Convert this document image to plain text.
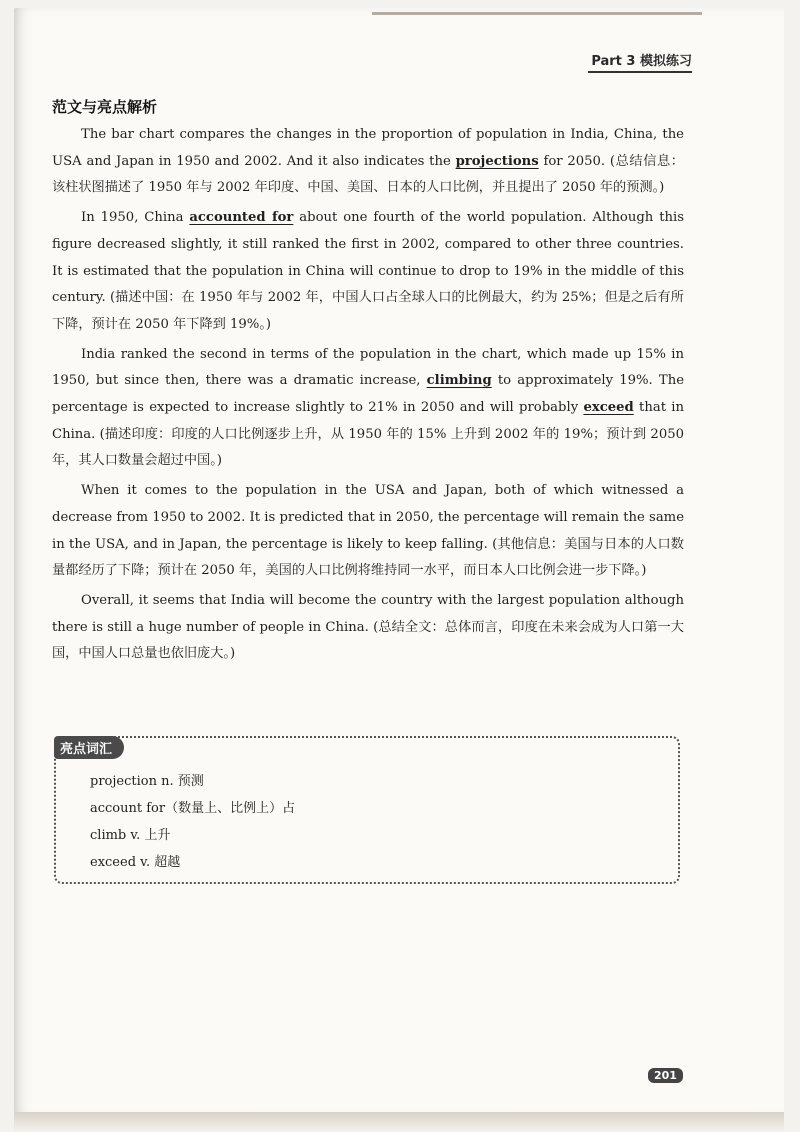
Part 3 模拟练习
范文与亮点解析

The bar chart compares the changes in the proportion of population in India, China, the USA and Japan in 1950 and 2002. And it also indicates the projections for 2050. (总结信息：该柱状图描述了 1950 年与 2002 年印度、中国、美国、日本的人口比例，并且提出了 2050 年的预测。)

In 1950, China accounted for about one fourth of the world population. Although this figure decreased slightly, it still ranked the first in 2002, compared to other three countries. It is estimated that the population in China will continue to drop to 19% in the middle of this century. (描述中国：在 1950 年与 2002 年，中国人口占全球人口的比例最大，约为 25%；但是之后有所下降，预计在 2050 年下降到 19%。)

India ranked the second in terms of the population in the chart, which made up 15% in 1950, but since then, there was a dramatic increase, climbing to approximately 19%. The percentage is expected to increase slightly to 21% in 2050 and will probably exceed that in China. (描述印度：印度的人口比例逐步上升，从 1950 年的 15% 上升到 2002 年的 19%；预计到 2050 年，其人口数量会超过中国。)

When it comes to the population in the USA and Japan, both of which witnessed a decrease from 1950 to 2002. It is predicted that in 2050, the percentage will remain the same in the USA, and in Japan, the percentage is likely to keep falling. (其他信息：美国与日本的人口数量都经历了下降；预计在 2050 年，美国的人口比例将维持同一水平，而日本人口比例会进一步下降。)

Overall, it seems that India will become the country with the largest population although there is still a huge number of people in China. (总结全文：总体而言，印度在未来会成为人口第一大国，中国人口总量也依旧庞大。)

亮点词汇
projection n. 预测
account for（数量上、比例上）占
climb v. 上升
exceed v. 超越
201
